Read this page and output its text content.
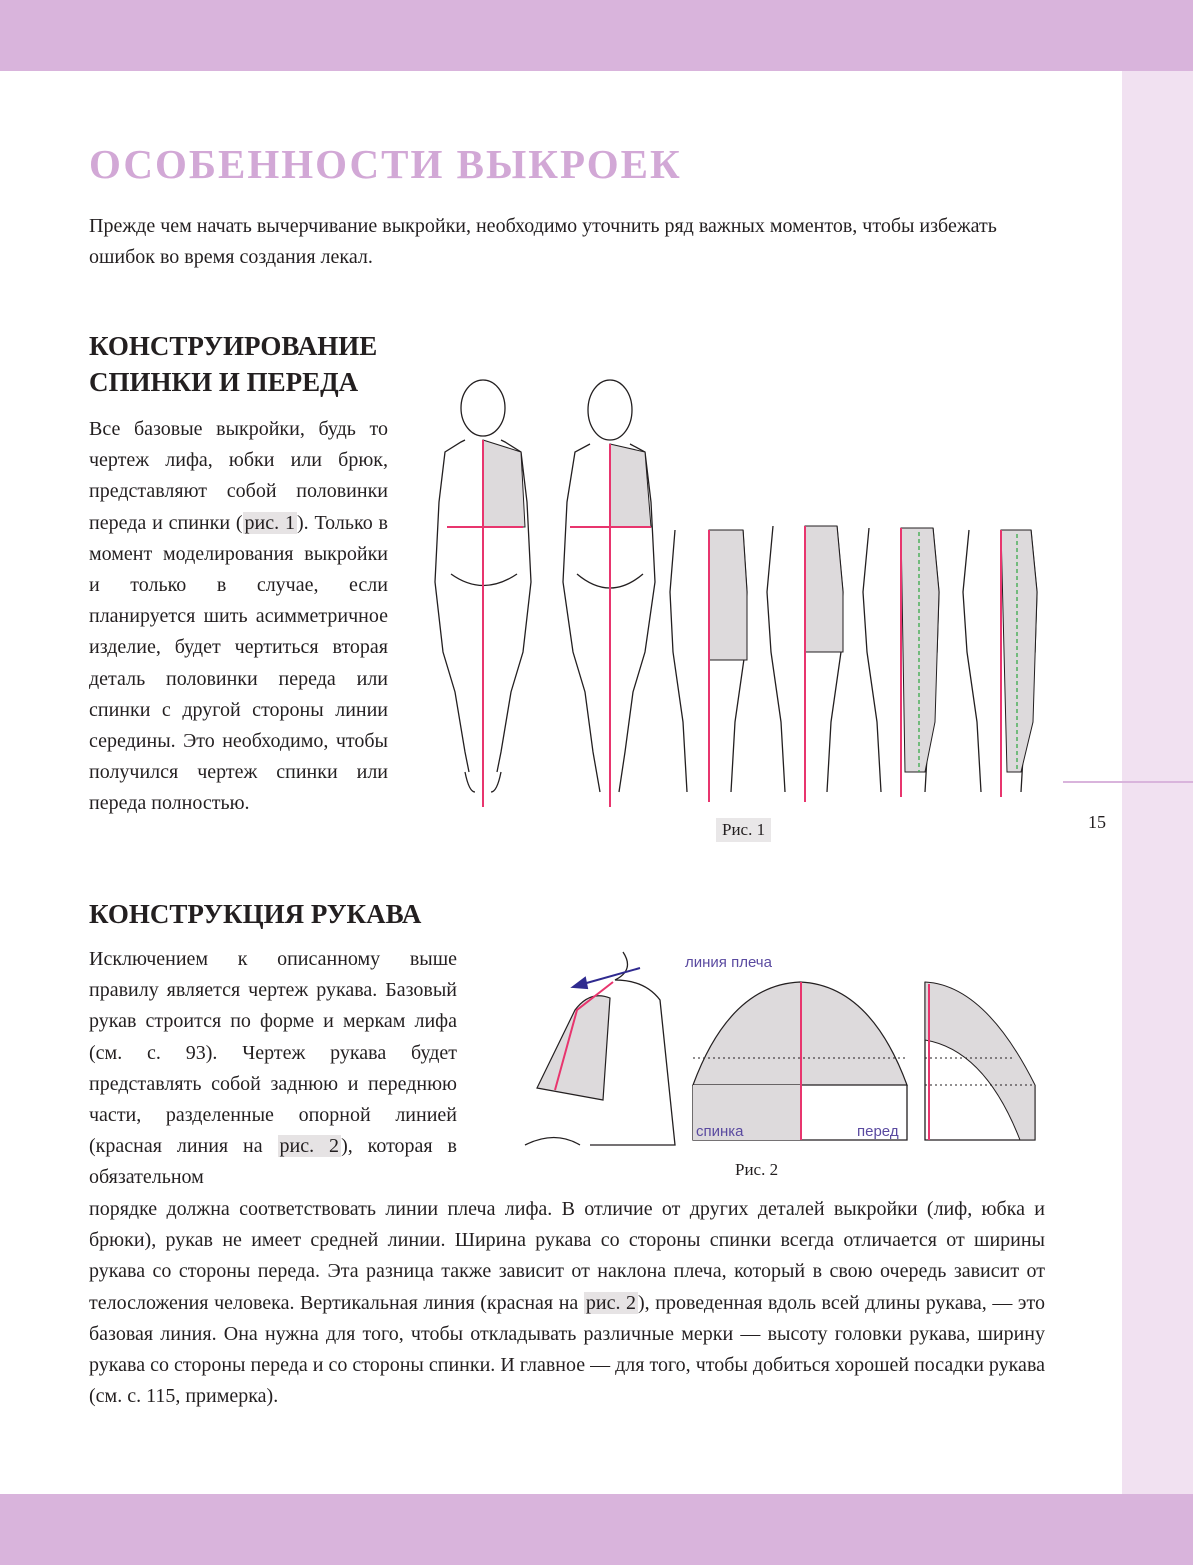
15
ОСОБЕННОСТИ ВЫКРОЕК

Прежде чем начать вычерчивание выкройки, необходимо уточнить ряд важных моментов, чтобы избежать ошибок во время создания лекал.

КОНСТРУИРОВАНИЕ
СПИНКИ И ПЕРЕДА

Все базовые выкройки, будь то чертеж лифа, юбки или брюк, представляют собой половинки переда и спинки ( рис. 1 ). Только в момент моделирования выкройки и только в случае, если планируется шить асимметричное изделие, будет чертиться вторая деталь половинки переда или спинки с другой стороны линии середины. Это необходимо, чтобы получился чертеж спинки или переда полностью.

Рис. 1
КОНСТРУКЦИЯ РУКАВА

Исключением к описанному выше правилу является чертеж рукава. Базовый рукав строится по форме и меркам лифа (см. с. 93). Чертеж рукава будет представлять собой заднюю и переднюю части, разделенные опорной линией (красная линия на рис. 2 ), которая в обязательном

линия плеча
спинка	перед
Рис. 2

порядке должна соответствовать линии плеча лифа. В отличие от других деталей выкройки (лиф, юбка и брюки), рукав не имеет средней линии. Ширина рукава со стороны спинки всегда отличается от ширины рукава со стороны переда. Эта разница также зависит от наклона плеча, который в свою очередь зависит от телосложения человека. Вертикальная линия (красная на рис. 2 ), проведенная вдоль всей длины рукава, — это базовая линия. Она нужна для того, чтобы откладывать различные мерки — высоту головки рукава, ширину рукава со стороны переда и со стороны спинки. И главное — для того, чтобы добиться хорошей посадки рукава (см. с. 115, примерка).
